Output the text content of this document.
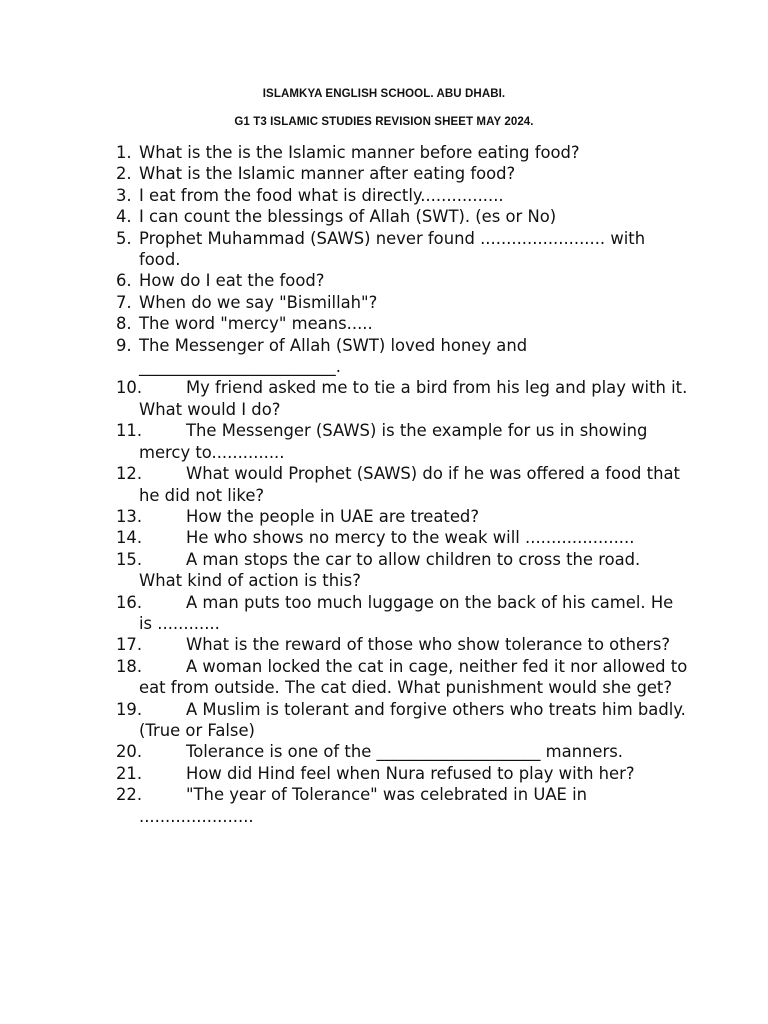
ISLAMKYA ENGLISH SCHOOL. ABU DHABI.
G1 T3 ISLAMIC STUDIES REVISION SHEET MAY 2024.
1. What is the is the Islamic manner before eating food?
2. What is the Islamic manner after eating food?
3. I eat from the food what is directly................
4. I can count the blessings of Allah (SWT). (es or No)
5. Prophet Muhammad (SAWS) never found ........................ with food.
6. How do I eat the food?
7. When do we say "Bismillah"?
8. The word "mercy" means.....
9. The Messenger of Allah (SWT) loved honey and ________________________.
10.	My friend asked me to tie a bird from his leg and play with it. What would I do?
11.	The Messenger (SAWS) is the example for us in showing mercy to..............
12.	What would Prophet (SAWS) do if he was offered a food that he did not like?
13.	How the people in UAE are treated?
14.	He who shows no mercy to the weak will .....................
15.	A man stops the car to allow children to cross the road. What kind of action is this?
16.	A man puts too much luggage on the back of his camel. He is ............
17.	What is the reward of those who show tolerance to others?
18.	A woman locked the cat in cage, neither fed it nor allowed to eat from outside. The cat died. What punishment would she get?
19.	A Muslim is tolerant and forgive others who treats him badly. (True or False)
20.	Tolerance is one of the ____________________ manners.
21.	How did Hind feel when Nura refused to play with her?
22.	"The year of Tolerance" was celebrated in UAE in ......................
